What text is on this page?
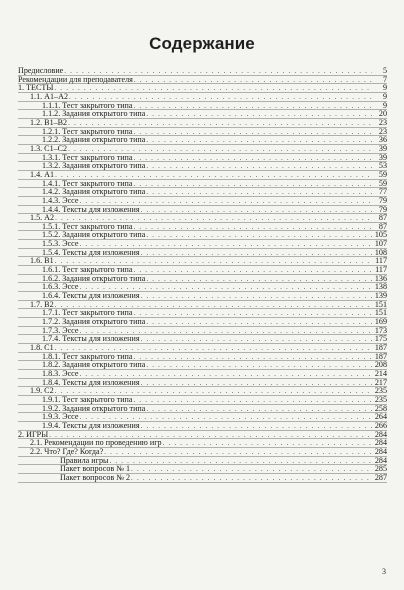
Содержание
Предисловие . . .	5
Рекомендации для преподавателя . . .	7
1. ТЕСТЫ . . .	9
1.1. А1–А2 . . .	9
1.1.1. Тест закрытого типа . . .	9
1.1.2. Задания открытого типа . . .	20
1.2. В1–В2 . . .	23
1.2.1. Тест закрытого типа . . .	23
1.2.2. Задания открытого типа . . .	36
1.3. С1–С2 . . .	39
1.3.1. Тест закрытого типа . . .	39
1.3.2. Задания открытого типа . . .	53
1.4. А1 . . .	59
1.4.1. Тест закрытого типа . . .	59
1.4.2. Задания открытого типа . . .	77
1.4.3. Эссе . . .	79
1.4.4. Тексты для изложения . . .	79
1.5. А2 . . .	87
1.5.1. Тест закрытого типа . . .	87
1.5.2. Задания открытого типа . . .	105
1.5.3. Эссе . . .	107
1.5.4. Тексты для изложения . . .	108
1.6. В1 . . .	117
1.6.1. Тест закрытого типа . . .	117
1.6.2. Задания открытого типа . . .	136
1.6.3. Эссе . . .	138
1.6.4. Тексты для изложения . . .	139
1.7. В2 . . .	151
1.7.1. Тест закрытого типа . . .	151
1.7.2. Задания открытого типа . . .	169
1.7.3. Эссе . . .	173
1.7.4. Тексты для изложения . . .	175
1.8. С1 . . .	187
1.8.1. Тест закрытого типа . . .	187
1.8.2. Задания открытого типа . . .	208
1.8.3. Эссе . . .	214
1.8.4. Тексты для изложения . . .	217
1.9. С2 . . .	235
1.9.1. Тест закрытого типа . . .	235
1.9.2. Задания открытого типа . . .	258
1.9.3. Эссе . . .	264
1.9.4. Тексты для изложения . . .	266
2. ИГРЫ . . .	284
2.1. Рекомендации по проведению игр . . .	284
2.2. Что? Где? Когда? . . .	284
Правила игры . . .	284
Пакет вопросов № 1 . . .	285
Пакет вопросов № 2 . . .	287
3
